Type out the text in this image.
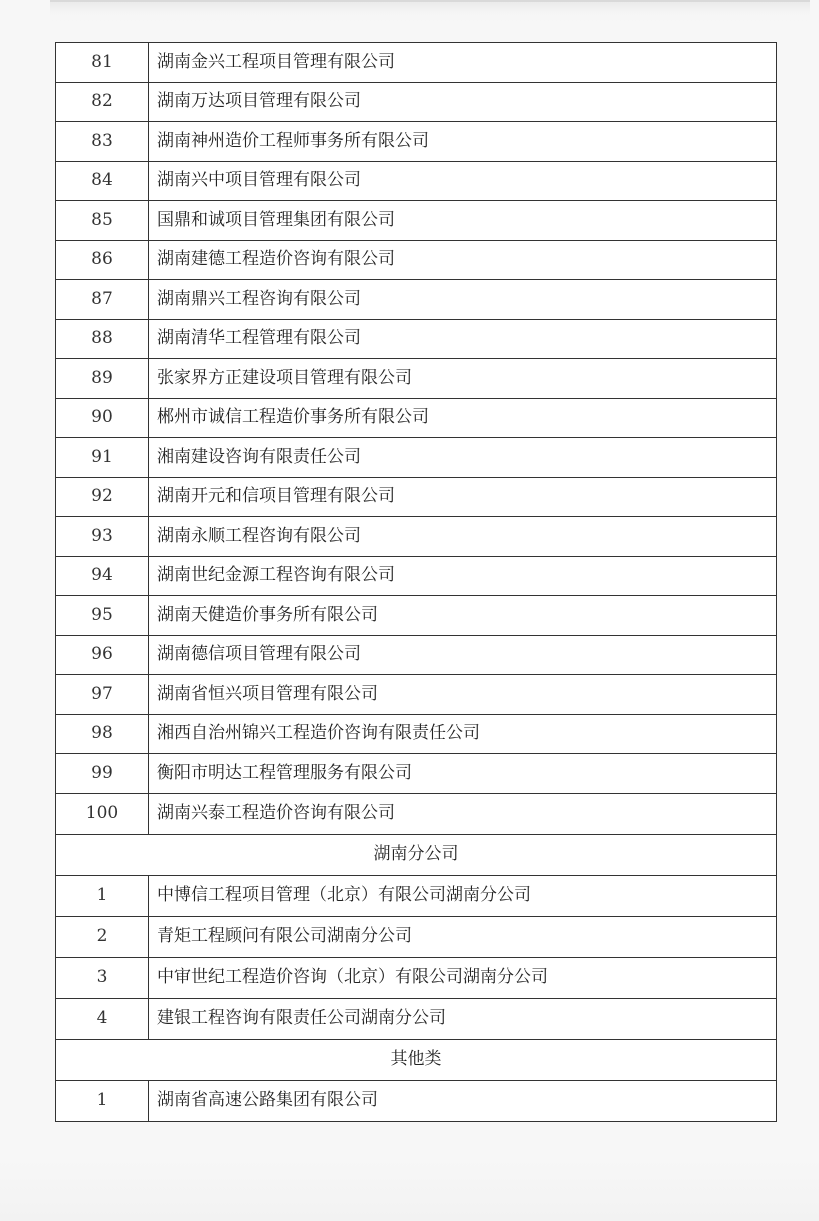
81	湖南金兴工程项目管理有限公司
82	湖南万达项目管理有限公司
83	湖南神州造价工程师事务所有限公司
84	湖南兴中项目管理有限公司
85	国鼎和诚项目管理集团有限公司
86	湖南建德工程造价咨询有限公司
87	湖南鼎兴工程咨询有限公司
88	湖南清华工程管理有限公司
89	张家界方正建设项目管理有限公司
90	郴州市诚信工程造价事务所有限公司
91	湘南建设咨询有限责任公司
92	湖南开元和信项目管理有限公司
93	湖南永顺工程咨询有限公司
94	湖南世纪金源工程咨询有限公司
95	湖南天健造价事务所有限公司
96	湖南德信项目管理有限公司
97	湖南省恒兴项目管理有限公司
98	湘西自治州锦兴工程造价咨询有限责任公司
99	衡阳市明达工程管理服务有限公司
100	湖南兴泰工程造价咨询有限公司
湖南分公司	
1	中博信工程项目管理（北京）有限公司湖南分公司
2	青矩工程顾问有限公司湖南分公司
3	中审世纪工程造价咨询（北京）有限公司湖南分公司
4	建银工程咨询有限责任公司湖南分公司
其他类	
1	湖南省高速公路集团有限公司
